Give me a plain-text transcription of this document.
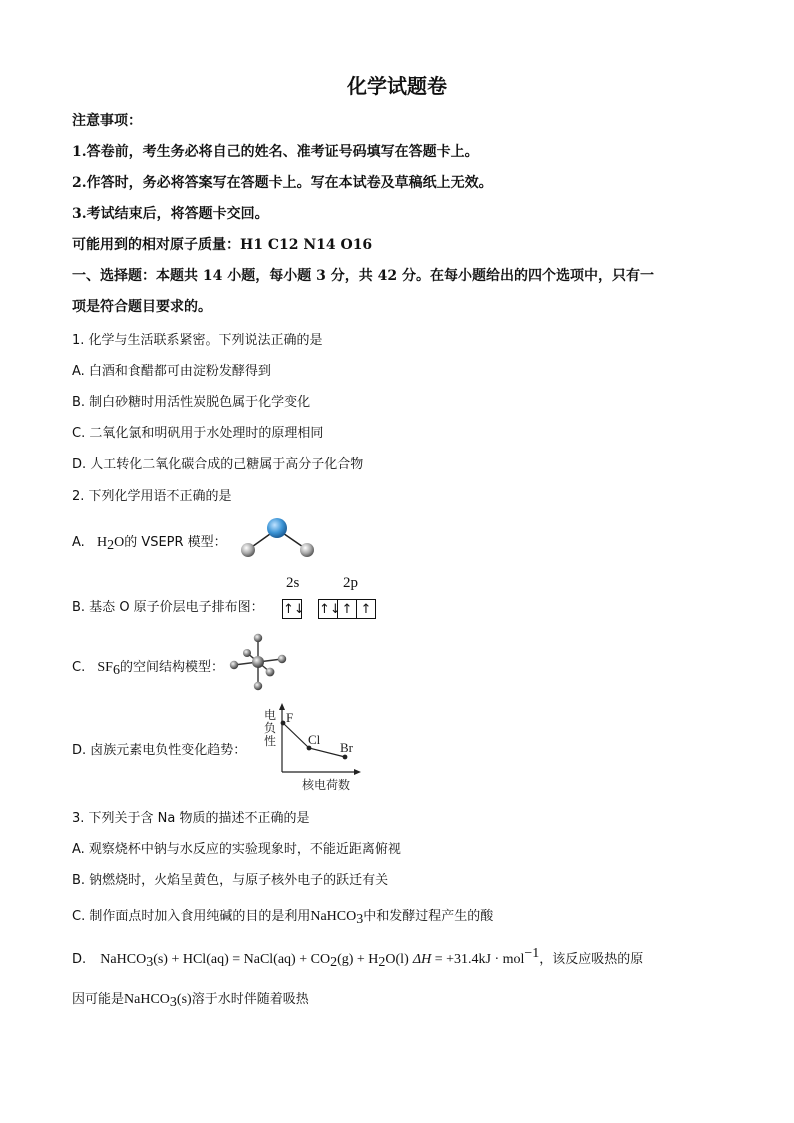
化学试题卷
注意事项：
1.答卷前，考生务必将自己的姓名、准考证号码填写在答题卡上。
2.作答时，务必将答案写在答题卡上。写在本试卷及草稿纸上无效。
3.考试结束后，将答题卡交回。
可能用到的相对原子质量：H1 C12 N14 O16
一、选择题：本题共 14 小题，每小题 3 分，共 42 分。在每小题给出的四个选项中，只有一
项是符合题目要求的。
1. 化学与生活联系紧密。下列说法正确的是
A. 白酒和食醋都可由淀粉发酵得到
B. 制白砂糖时用活性炭脱色属于化学变化
C. 二氧化氯和明矾用于水处理时的原理相同
D. 人工转化二氧化碳合成的己糖属于高分子化合物
2. 下列化学用语不正确的是
A. $H_2O$的 VSEPR 模型：
B. 基态 O 原子价层电子排布图：
2s	2p
↑↓ ↑↓ ↑ ↑
C. $SF_6$的空间结构模型：
D. 卤族元素电负性变化趋势：
电
负
性
F
Cl
Br
核电荷数
3. 下列关于含 Na 物质的描述不正确的是
A. 观察烧杯中钠与水反应的实验现象时，不能近距离俯视
B. 钠燃烧时，火焰呈黄色，与原子核外电子的跃迁有关
C. 制作面点时加入食用纯碱的目的是利用NaHCO$_3$中和发酵过程产生的酸
D. NaHCO$_3$(s) + HCl(aq) = NaCl(aq) + $CO_2(g) + H_2O(l) \Delta H = +31.4kJ \cdot mol^{-1}$，该反应吸热的原
因可能是NaHCO$_3$(s)溶于水时伴随着吸热
